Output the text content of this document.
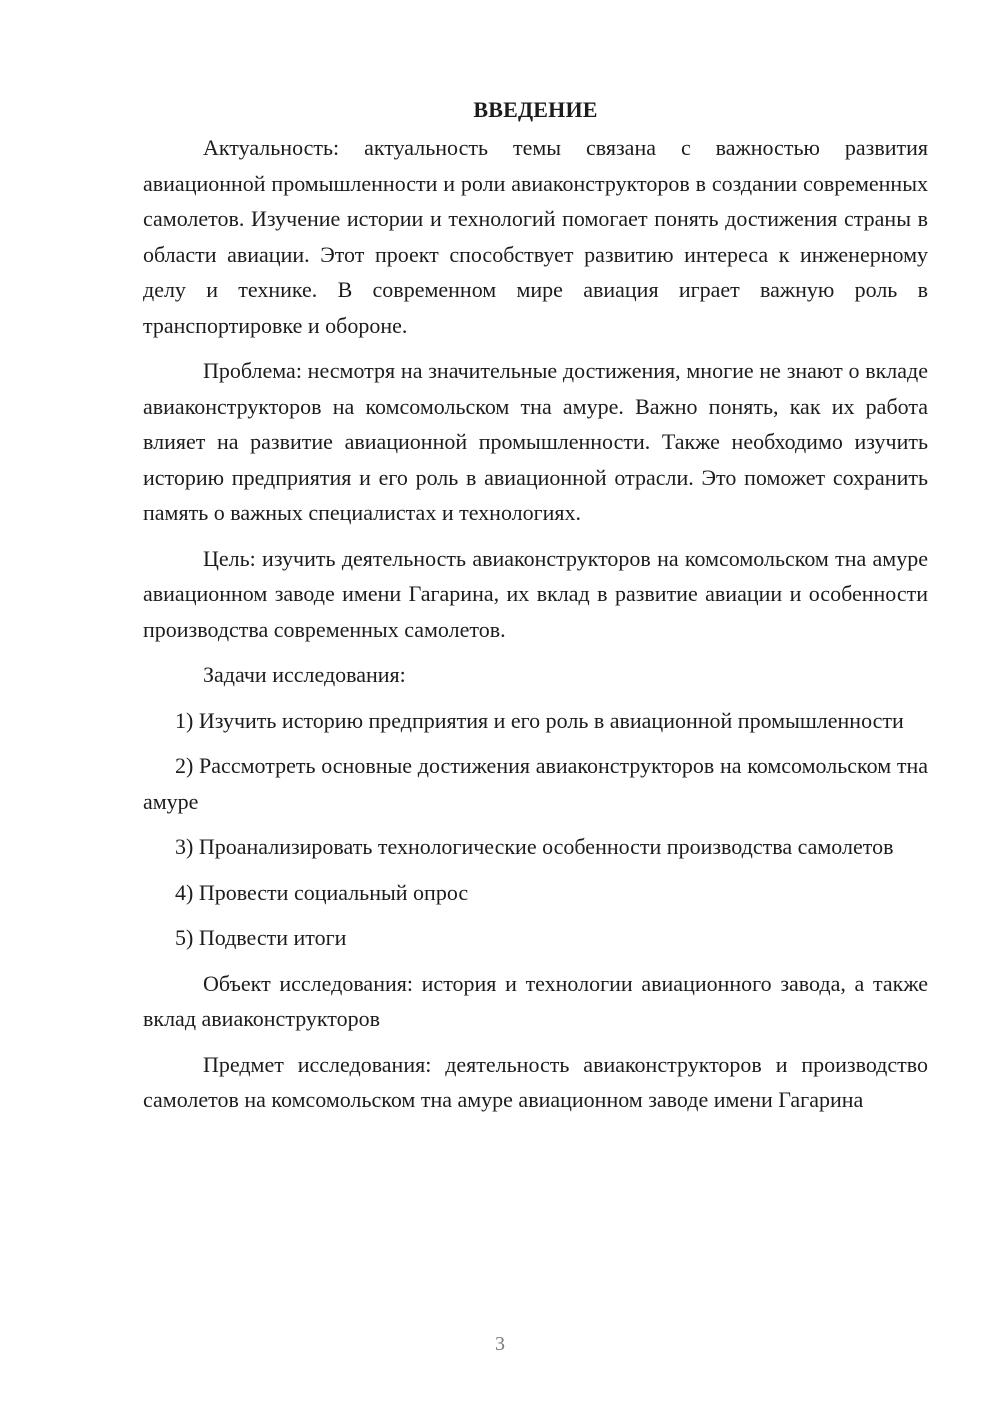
ВВЕДЕНИЕ

Актуальность: актуальность темы связана с важностью развития авиационной промышленности и роли авиаконструкторов в создании современных самолетов. Изучение истории и технологий помогает понять достижения страны в области авиации. Этот проект способствует развитию интереса к инженерному делу и технике. В современном мире авиация играет важную роль в транспортировке и обороне.

Проблема: несмотря на значительные достижения, многие не знают о вкладе авиаконструкторов на комсомольском тна амуре. Важно понять, как их работа влияет на развитие авиационной промышленности. Также необходимо изучить историю предприятия и его роль в авиационной отрасли. Это поможет сохранить память о важных специалистах и технологиях.

Цель: изучить деятельность авиаконструкторов на комсомольском тна амуре авиационном заводе имени Гагарина, их вклад в развитие авиации и особенности производства современных самолетов.

Задачи исследования:

1) Изучить историю предприятия и его роль в авиационной промышленности

2) Рассмотреть основные достижения авиаконструкторов на комсомольском тна амуре

3) Проанализировать технологические особенности производства самолетов

4) Провести социальный опрос

5) Подвести итоги

Объект исследования: история и технологии авиационного завода, а также вклад авиаконструкторов

Предмет исследования: деятельность авиаконструкторов и производство самолетов на комсомольском тна амуре авиационном заводе имени Гагарина

3
